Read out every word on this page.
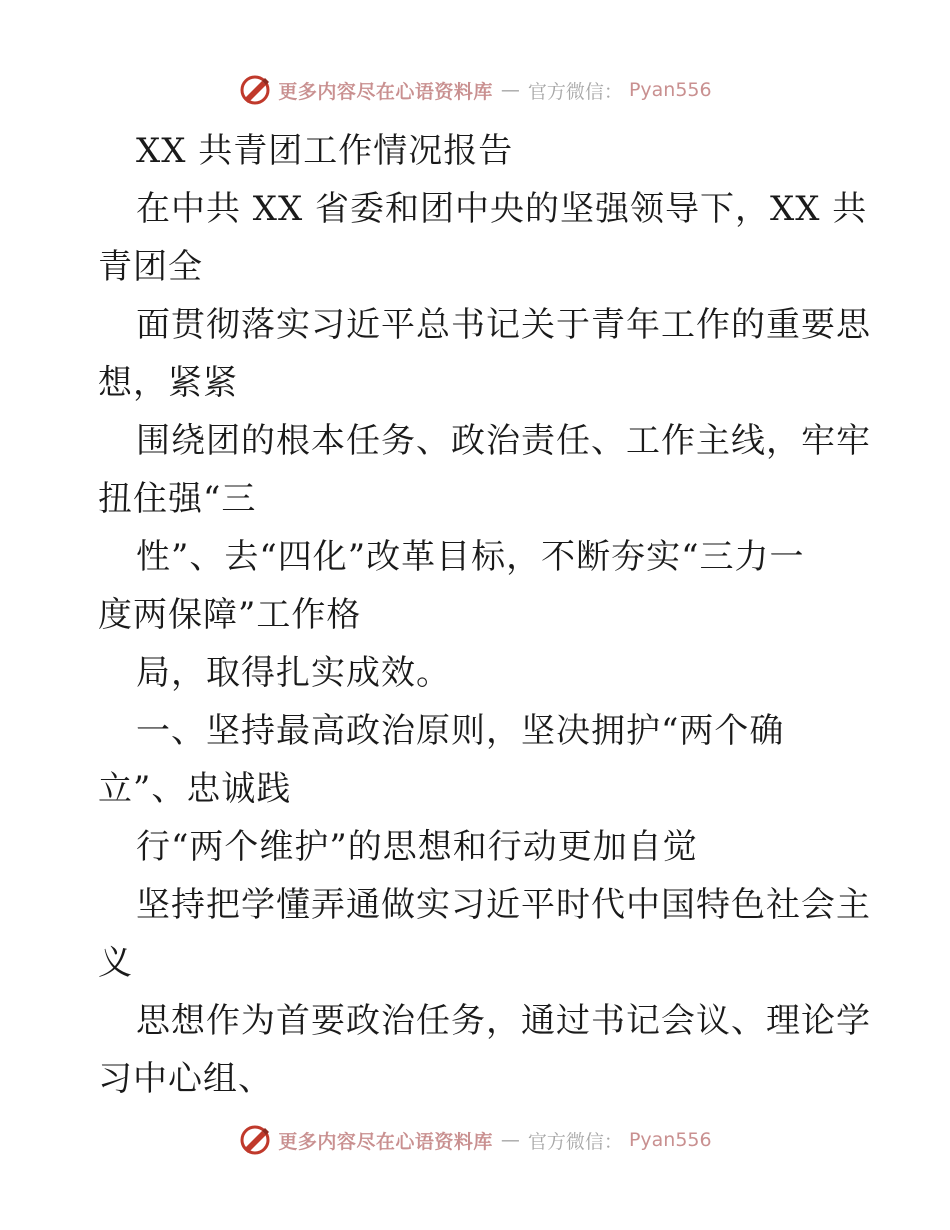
更多内容尽在心语资料库 — 官方微信： Pyan556
XX 共青团工作情况报告
在中共 XX 省委和团中央的坚强领导下，XX 共
青团全
面贯彻落实习近平总书记关于青年工作的重要思
想，紧紧
围绕团的根本任务、政治责任、工作主线，牢牢
扭住强“三
性”、去“四化”改革目标，不断夯实“三力一
度两保障”工作格
局，取得扎实成效。
一、坚持最高政治原则，坚决拥护“两个确
立”、忠诚践
行“两个维护”的思想和行动更加自觉
坚持把学懂弄通做实习近平时代中国特色社会主
义
思想作为首要政治任务，通过书记会议、理论学
习中心组、
更多内容尽在心语资料库 — 官方微信： Pyan556
